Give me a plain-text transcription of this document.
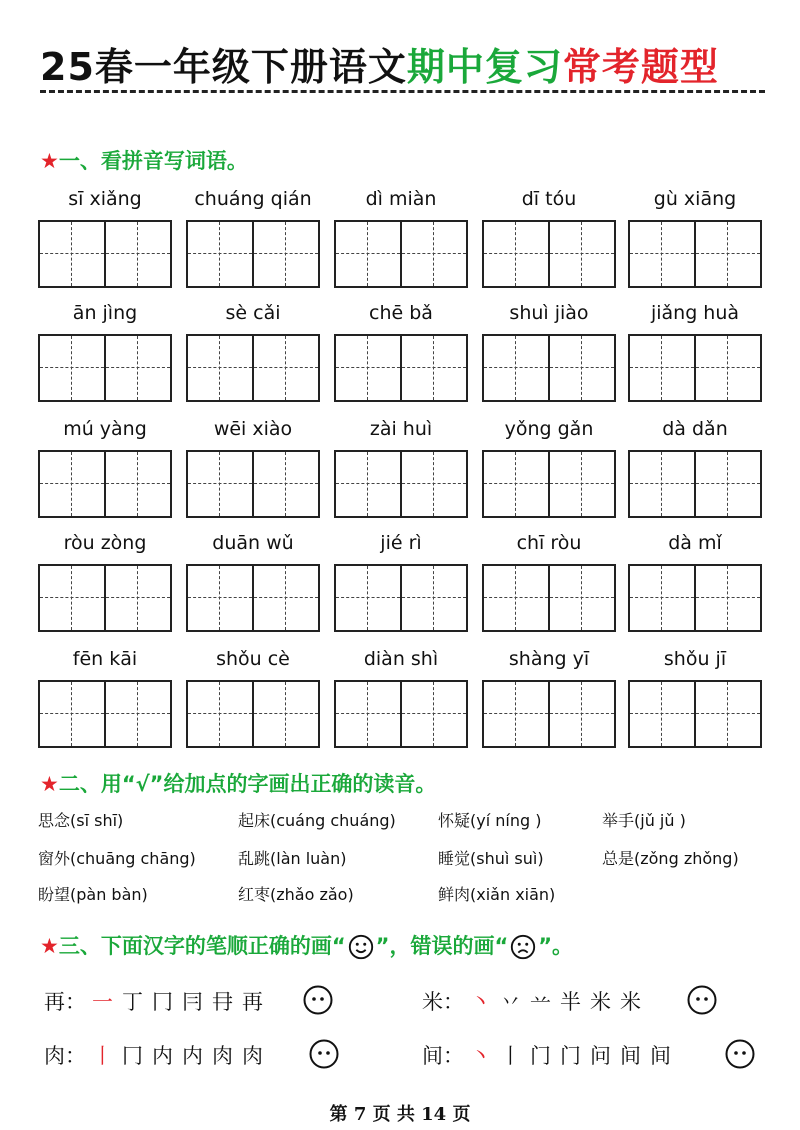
25春一年级下册语文期中复习常考题型
★一、看拼音写词语。
sī xiǎng	chuáng qián	dì miàn	dī tóu	gù xiāng
ān jìng	sè cǎi	chē bǎ	shuì jiào	jiǎng huà
mú yàng	wēi xiào	zài huì	yǒng gǎn	dà dǎn
ròu zòng	duān wǔ	jié rì	chī ròu	dà mǐ
fēn kāi	shǒu cè	diàn shì	shàng yī	shǒu jī
★二、用“√”给加点的字画出正确的读音。
思念(sī shī)	起床(cuáng chuáng)	怀疑(yí níng )	举手(jǔ jǔ )
窗外(chuāng chāng)	乱跳(làn luàn)	睡觉(shuì suì)	总是(zǒng zhǒng)
盼望(pàn bàn)	红枣(zhǎo zǎo)	鲜肉(xiǎn xiān)
★三、下面汉字的笔顺正确的画“ ”，错误的画“ ”。
再： 一 丁 冂 冃 冄 再	米： 丶 丷 䒑 半 米 米
肉： 丨 冂 内 内 肉 肉	间： 丶 丨 门 门 问 间 间
第 7 页 共 14 页
